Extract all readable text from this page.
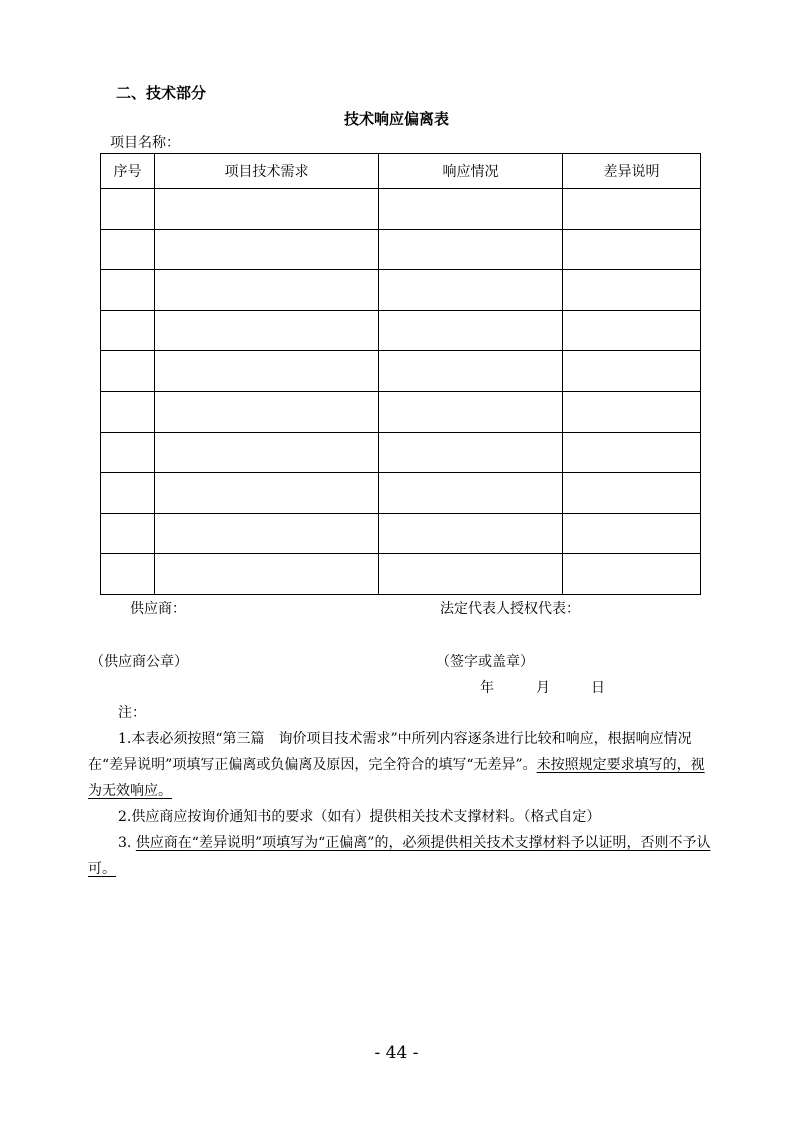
二、技术部分
技术响应偏离表
项目名称：
序号	项目技术需求	响应情况	差异说明

供应商：	法定代表人授权代表：
（供应商公章）	（签字或盖章）
年	月	日
注：

1.本表必须按照“第三篇　询价项目技术需求”中所列内容逐条进行比较和响应，根据响应情况在“差异说明”项填写正偏离或负偏离及原因，完全符合的填写“无差异”。未按照规定要求填写的，视为无效响应。

2.供应商应按询价通知书的要求（如有）提供相关技术支撑材料。（格式自定）

3. 供应商在“差异说明”项填写为“正偏离”的，必须提供相关技术支撑材料予以证明，否则不予认可。

- 44 -
